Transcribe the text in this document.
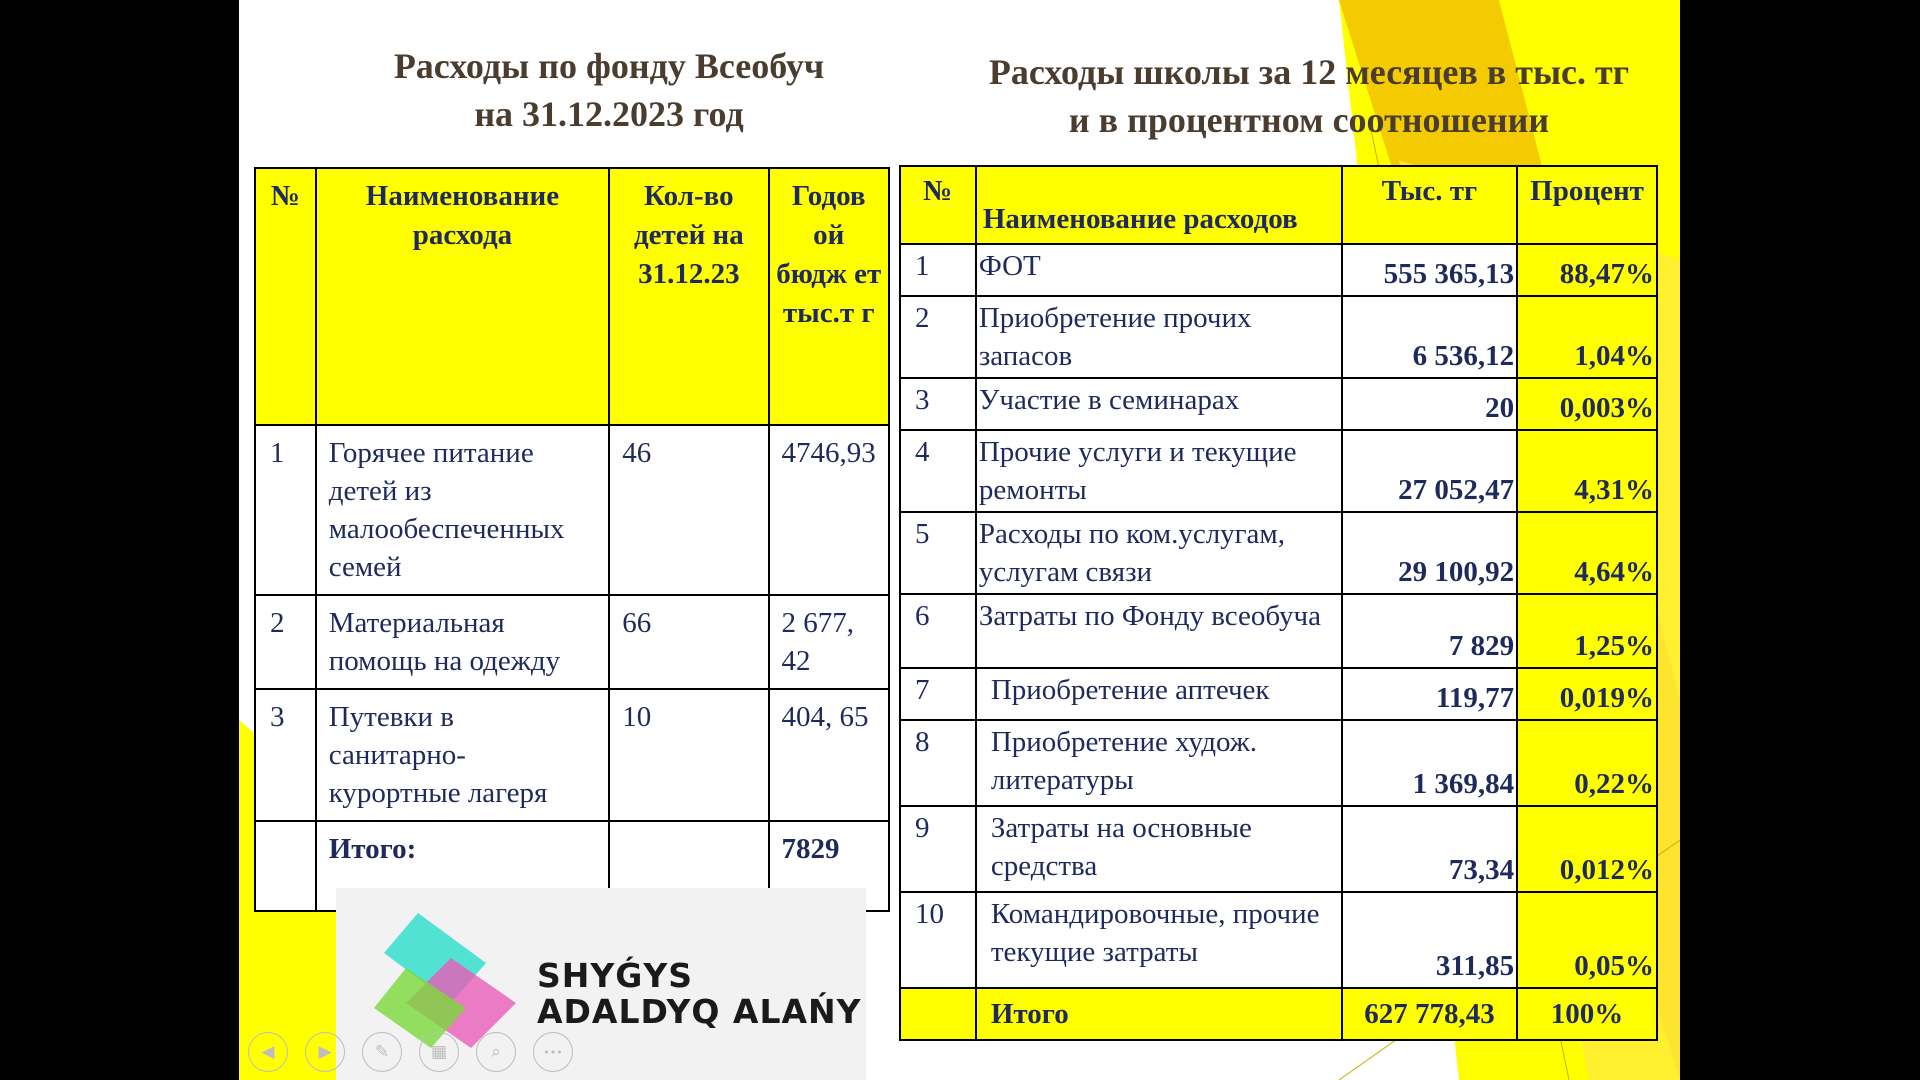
Расходы по фонду Всеобуч
на 31.12.2023 год
Расходы школы за 12 месяцев в тыс. тг
и в процентном соотношении
№	Наименование расхода	Кол-во детей на 31.12.23	Годов ой бюдж ет тыс.т г
1	Горячее питание детей из малообеспеченных семей	46	4746,93
2	Материальная помощь на одежду	66	2 677, 42
3	Путевки в санитарно-курортные лагеря	10	404, 65
	Итого:		7829
№	Наименование расходов	Тыс. тг	Процент
1	ФОТ	555 365,13	88,47%
2	Приобретение прочих запасов	6 536,12	1,04%
3	Участие в семинарах	20	0,003%
4	Прочие услуги и текущие ремонты	27 052,47	4,31%
5	Расходы по ком.услугам, услугам связи	29 100,92	4,64%
6	Затраты по Фонду всеобуча	7 829	1,25%
7	Приобретение аптечек	119,77	0,019%
8	Приобретение худож. литературы	1 369,84	0,22%
9	Затраты на основные средства	73,34	0,012%
10	Командировочные, прочие текущие затраты	311,85	0,05%
	Итого	627 778,43	100%
SHYǴYS
ADALDYQ ALAŃY
◀	▶	✎ ▦	⌕	•••
